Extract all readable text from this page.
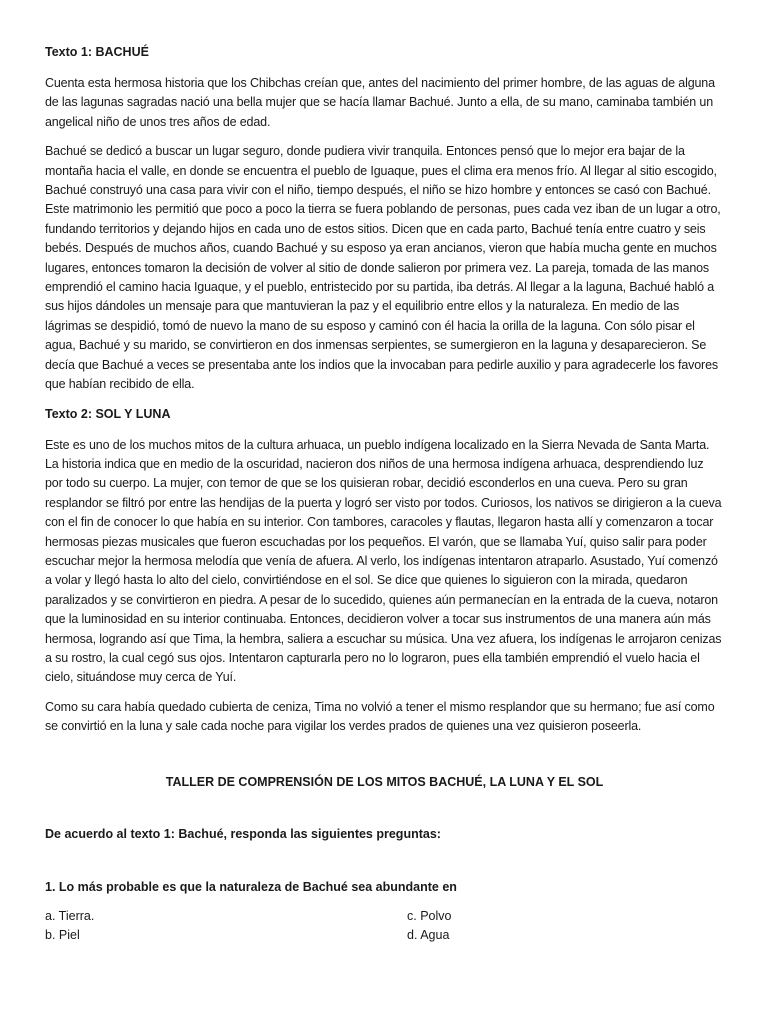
Texto 1: BACHUÉ

Cuenta esta hermosa historia que los Chibchas creían que, antes del nacimiento del primer hombre, de las aguas de alguna de las lagunas sagradas nació una bella mujer que se hacía llamar Bachué. Junto a ella, de su mano, caminaba también un angelical niño de unos tres años de edad.

Bachué se dedicó a buscar un lugar seguro, donde pudiera vivir tranquila. Entonces pensó que lo mejor era bajar de la montaña hacia el valle, en donde se encuentra el pueblo de Iguaque, pues el clima era menos frío. Al llegar al sitio escogido, Bachué construyó una casa para vivir con el niño, tiempo después, el niño se hizo hombre y entonces se casó con Bachué. Este matrimonio les permitió que poco a poco la tierra se fuera poblando de personas, pues cada vez iban de un lugar a otro, fundando territorios y dejando hijos en cada uno de estos sitios. Dicen que en cada parto, Bachué tenía entre cuatro y seis bebés. Después de muchos años, cuando Bachué y su esposo ya eran ancianos, vieron que había mucha gente en muchos lugares, entonces tomaron la decisión de volver al sitio de donde salieron por primera vez. La pareja, tomada de las manos emprendió el camino hacia Iguaque, y el pueblo, entristecido por su partida, iba detrás. Al llegar a la laguna, Bachué habló a sus hijos dándoles un mensaje para que mantuvieran la paz y el equilibrio entre ellos y la naturaleza. En medio de las lágrimas se despidió, tomó de nuevo la mano de su esposo y caminó con él hacia la orilla de la laguna. Con sólo pisar el agua, Bachué y su marido, se convirtieron en dos inmensas serpientes, se sumergieron en la laguna y desaparecieron. Se decía que Bachué a veces se presentaba ante los indios que la invocaban para pedirle auxilio y para agradecerle los favores que habían recibido de ella.

Texto 2: SOL Y LUNA

Este es uno de los muchos mitos de la cultura arhuaca, un pueblo indígena localizado en la Sierra Nevada de Santa Marta. La historia indica que en medio de la oscuridad, nacieron dos niños de una hermosa indígena arhuaca, desprendiendo luz por todo su cuerpo. La mujer, con temor de que se los quisieran robar, decidió esconderlos en una cueva. Pero su gran resplandor se filtró por entre las hendijas de la puerta y logró ser visto por todos. Curiosos, los nativos se dirigieron a la cueva con el fin de conocer lo que había en su interior. Con tambores, caracoles y flautas, llegaron hasta allí y comenzaron a tocar hermosas piezas musicales que fueron escuchadas por los pequeños. El varón, que se llamaba Yuí, quiso salir para poder escuchar mejor la hermosa melodía que venía de afuera. Al verlo, los indígenas intentaron atraparlo. Asustado, Yuí comenzó a volar y llegó hasta lo alto del cielo, convirtiéndose en el sol. Se dice que quienes lo siguieron con la mirada, quedaron paralizados y se convirtieron en piedra. A pesar de lo sucedido, quienes aún permanecían en la entrada de la cueva, notaron que la luminosidad en su interior continuaba. Entonces, decidieron volver a tocar sus instrumentos de una manera aún más hermosa, logrando así que Tima, la hembra, saliera a escuchar su música. Una vez afuera, los indígenas le arrojaron cenizas a su rostro, la cual cegó sus ojos. Intentaron capturarla pero no lo lograron, pues ella también emprendió el vuelo hacia el cielo, situándose muy cerca de Yuí.

Como su cara había quedado cubierta de ceniza, Tima no volvió a tener el mismo resplandor que su hermano; fue así como se convirtió en la luna y sale cada noche para vigilar los verdes prados de quienes una vez quisieron poseerla.

TALLER DE COMPRENSIÓN DE LOS MITOS BACHUÉ, LA LUNA Y EL SOL
De acuerdo al texto 1: Bachué, responda las siguientes preguntas:
1. Lo más probable es que la naturaleza de Bachué sea abundante en
a. Tierra.	c. Polvo
b. Piel	d. Agua
